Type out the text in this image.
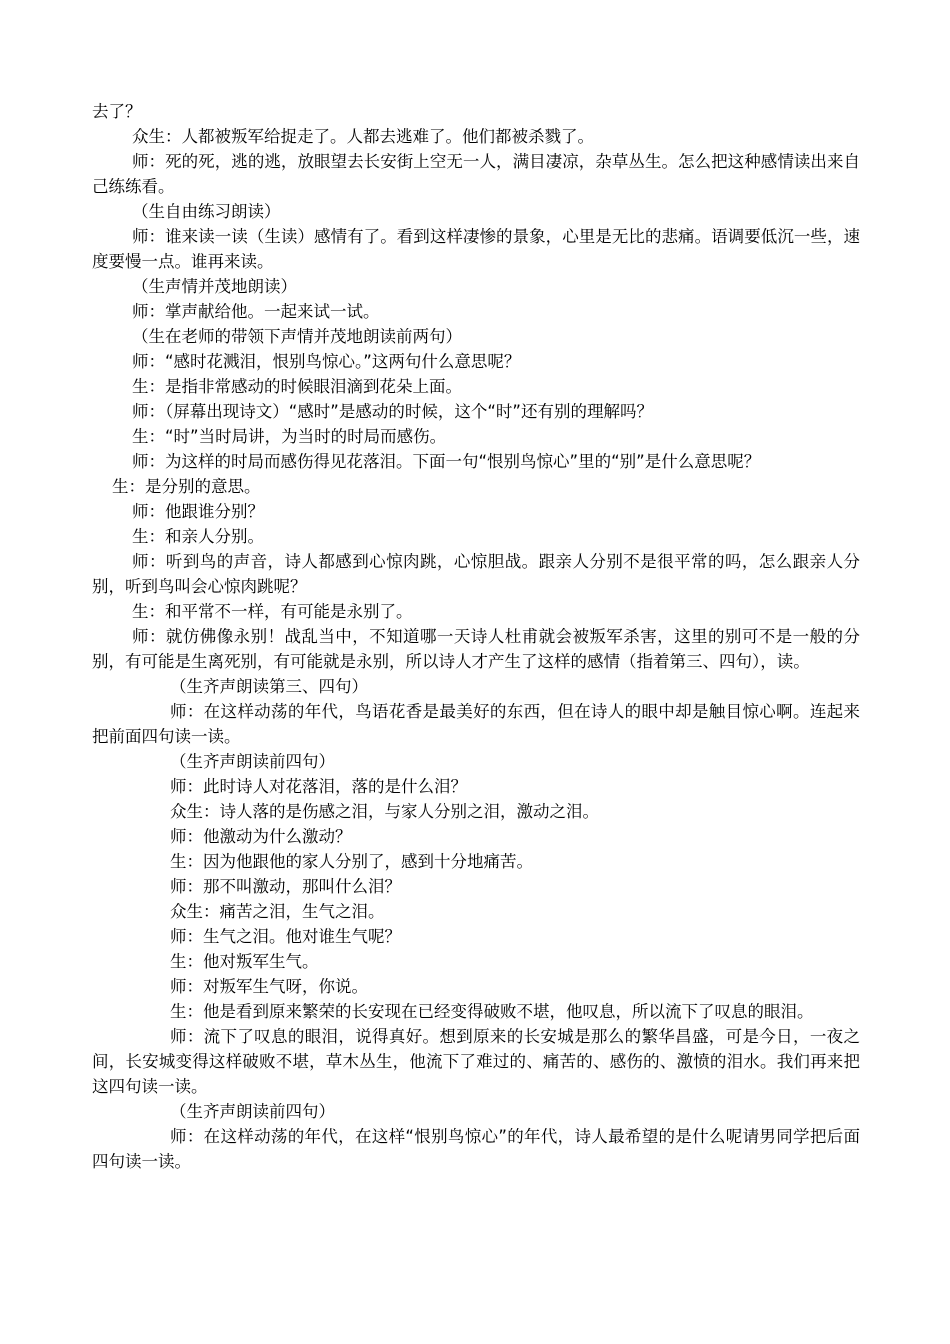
去了？

众生：人都被叛军给捉走了。人都去逃难了。他们都被杀戮了。

师：死的死，逃的逃，放眼望去长安街上空无一人，满目凄凉，杂草丛生。怎么把这种感情读出来自己练练看。

（生自由练习朗读）

师：谁来读一读（生读）感情有了。看到这样凄惨的景象，心里是无比的悲痛。语调要低沉一些，速度要慢一点。谁再来读。

（生声情并茂地朗读）

师：掌声献给他。一起来试一试。

（生在老师的带领下声情并茂地朗读前两句）

师：“感时花溅泪，恨别鸟惊心。”这两句什么意思呢？

生：是指非常感动的时候眼泪滴到花朵上面。

师：（屏幕出现诗文）“感时”是感动的时候，这个“时”还有别的理解吗？

生：“时”当时局讲，为当时的时局而感伤。

师：为这样的时局而感伤得见花落泪。下面一句“恨别鸟惊心”里的“别”是什么意思呢？

生：是分别的意思。

师：他跟谁分别？

生：和亲人分别。

师：听到鸟的声音，诗人都感到心惊肉跳，心惊胆战。跟亲人分别不是很平常的吗，怎么跟亲人分别，听到鸟叫会心惊肉跳呢？

生：和平常不一样，有可能是永别了。

师：就仿佛像永别！战乱当中，不知道哪一天诗人杜甫就会被叛军杀害，这里的别可不是一般的分别，有可能是生离死别，有可能就是永别，所以诗人才产生了这样的感情（指着第三、四句），读。

（生齐声朗读第三、四句）

师：在这样动荡的年代，鸟语花香是最美好的东西，但在诗人的眼中却是触目惊心啊。连起来把前面四句读一读。

（生齐声朗读前四句）

师：此时诗人对花落泪，落的是什么泪？

众生：诗人落的是伤感之泪，与家人分别之泪，激动之泪。

师：他激动为什么激动？

生：因为他跟他的家人分别了，感到十分地痛苦。

师：那不叫激动，那叫什么泪？

众生：痛苦之泪，生气之泪。

师：生气之泪。他对谁生气呢？

生：他对叛军生气。

师：对叛军生气呀，你说。

生：他是看到原来繁荣的长安现在已经变得破败不堪，他叹息，所以流下了叹息的眼泪。

师：流下了叹息的眼泪，说得真好。想到原来的长安城是那么的繁华昌盛，可是今日，一夜之间，长安城变得这样破败不堪，草木丛生，他流下了难过的、痛苦的、感伤的、激愤的泪水。我们再来把这四句读一读。

（生齐声朗读前四句）

师：在这样动荡的年代，在这样“恨别鸟惊心”的年代，诗人最希望的是什么呢请男同学把后面四句读一读。
